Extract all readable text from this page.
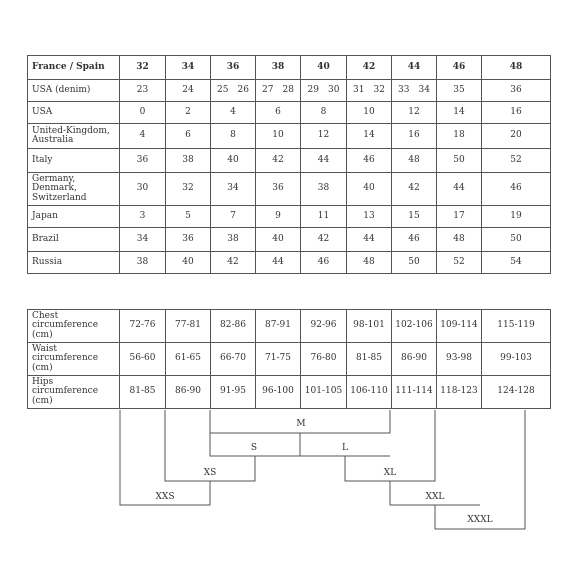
France / Spain	32	34	36	38	40	42	44	46	48
USA (denim)	23	24	25 26	27 28	29 30	31 32	33 34	35	36
USA	0	2	4	6	8	10	12	14	16
United-Kingdom, Australia	4	6	8	10	12	14	16	18	20
Italy	36	38	40	42	44	46	48	50	52
Germany, Denmark, Switzerland	30	32	34	36	38	40	42	44	46
Japan	3	5	7	9	11	13	15	17	19
Brazil	34	36	38	40	42	44	46	48	50
Russia	38	40	42	44	46	48	50	52	54
Chest circumference (cm)	72-76	77-81	82-86	87-91	92-96	98-101	102-106	109-114	115-119
Waist circumference (cm)	56-60	61-65	66-70	71-75	76-80	81-85	86-90	93-98	99-103
Hips circumference (cm)	81-85	86-90	91-95	96-100	101-105	106-110	111-114	118-123	124-128
M
S	L
XS	XL
XXS	XXL
XXXL
